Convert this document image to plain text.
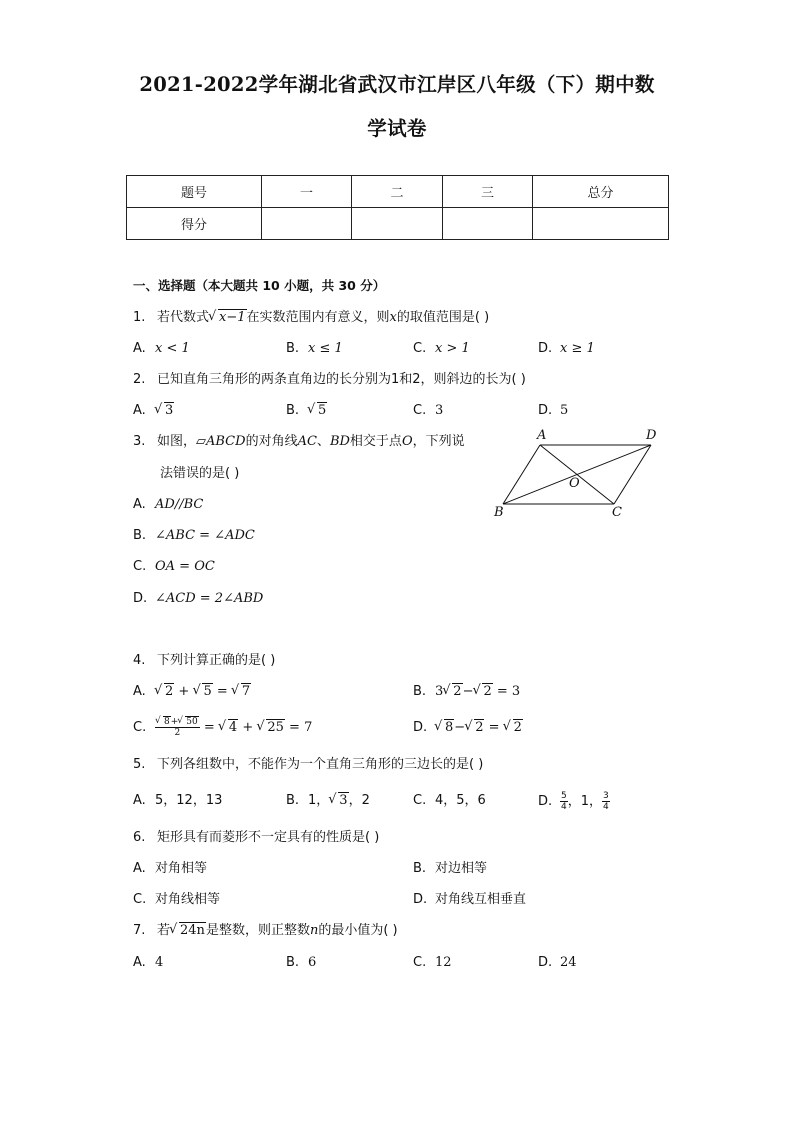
2021-2022学年湖北省武汉市江岸区八年级（下）期中数
学试卷
题号	一	二	三	总分
得分				
一、选择题（本大题共 10 小题，共 30 分）
1. 若代数式 √ x−1在实数范围内有意义，则x的取值范围是( )
A. x < 1	B. x ≤ 1	C. x > 1	D. x ≥ 1
2. 已知直角三角形的两条直角边的长分别为1和2，则斜边的长为( )
A. √ 3	B. √ 5	C. 3	D. 5
3. 如图，▱ABCD的对角线AC、BD相交于点O，下列说
法错误的是( )
A. AD//BC
B. ∠ABC = ∠ADC
C. OA = OC
D. ∠ACD = 2∠ABD
A	D
B	C
O
4. 下列计算正确的是( )
A. √ 2 + √ 5 = √ 7	B. 3 √ 2− √ 2 = 3
C. √ $\frac{8+ √ 50}{2}$ = √ 4 + √ 25 = 7	D. √ 8− √ 2 = √ 2
5. 下列各组数中，不能作为一个直角三角形的三边长的是( )
A. 5，12，13	B. 1， √ 3，2	C. 4，5，6	D. $\frac{5}{4}$ ，1， $\frac{3}{4}$
6. 矩形具有而菱形不一定具有的性质是( )
A. 对角相等	B. 对边相等
C. 对角线相等	D. 对角线互相垂直
7. 若 √ 24n是整数，则正整数n的最小值为( )
A. 4	B. 6	C. 12	D. 24
